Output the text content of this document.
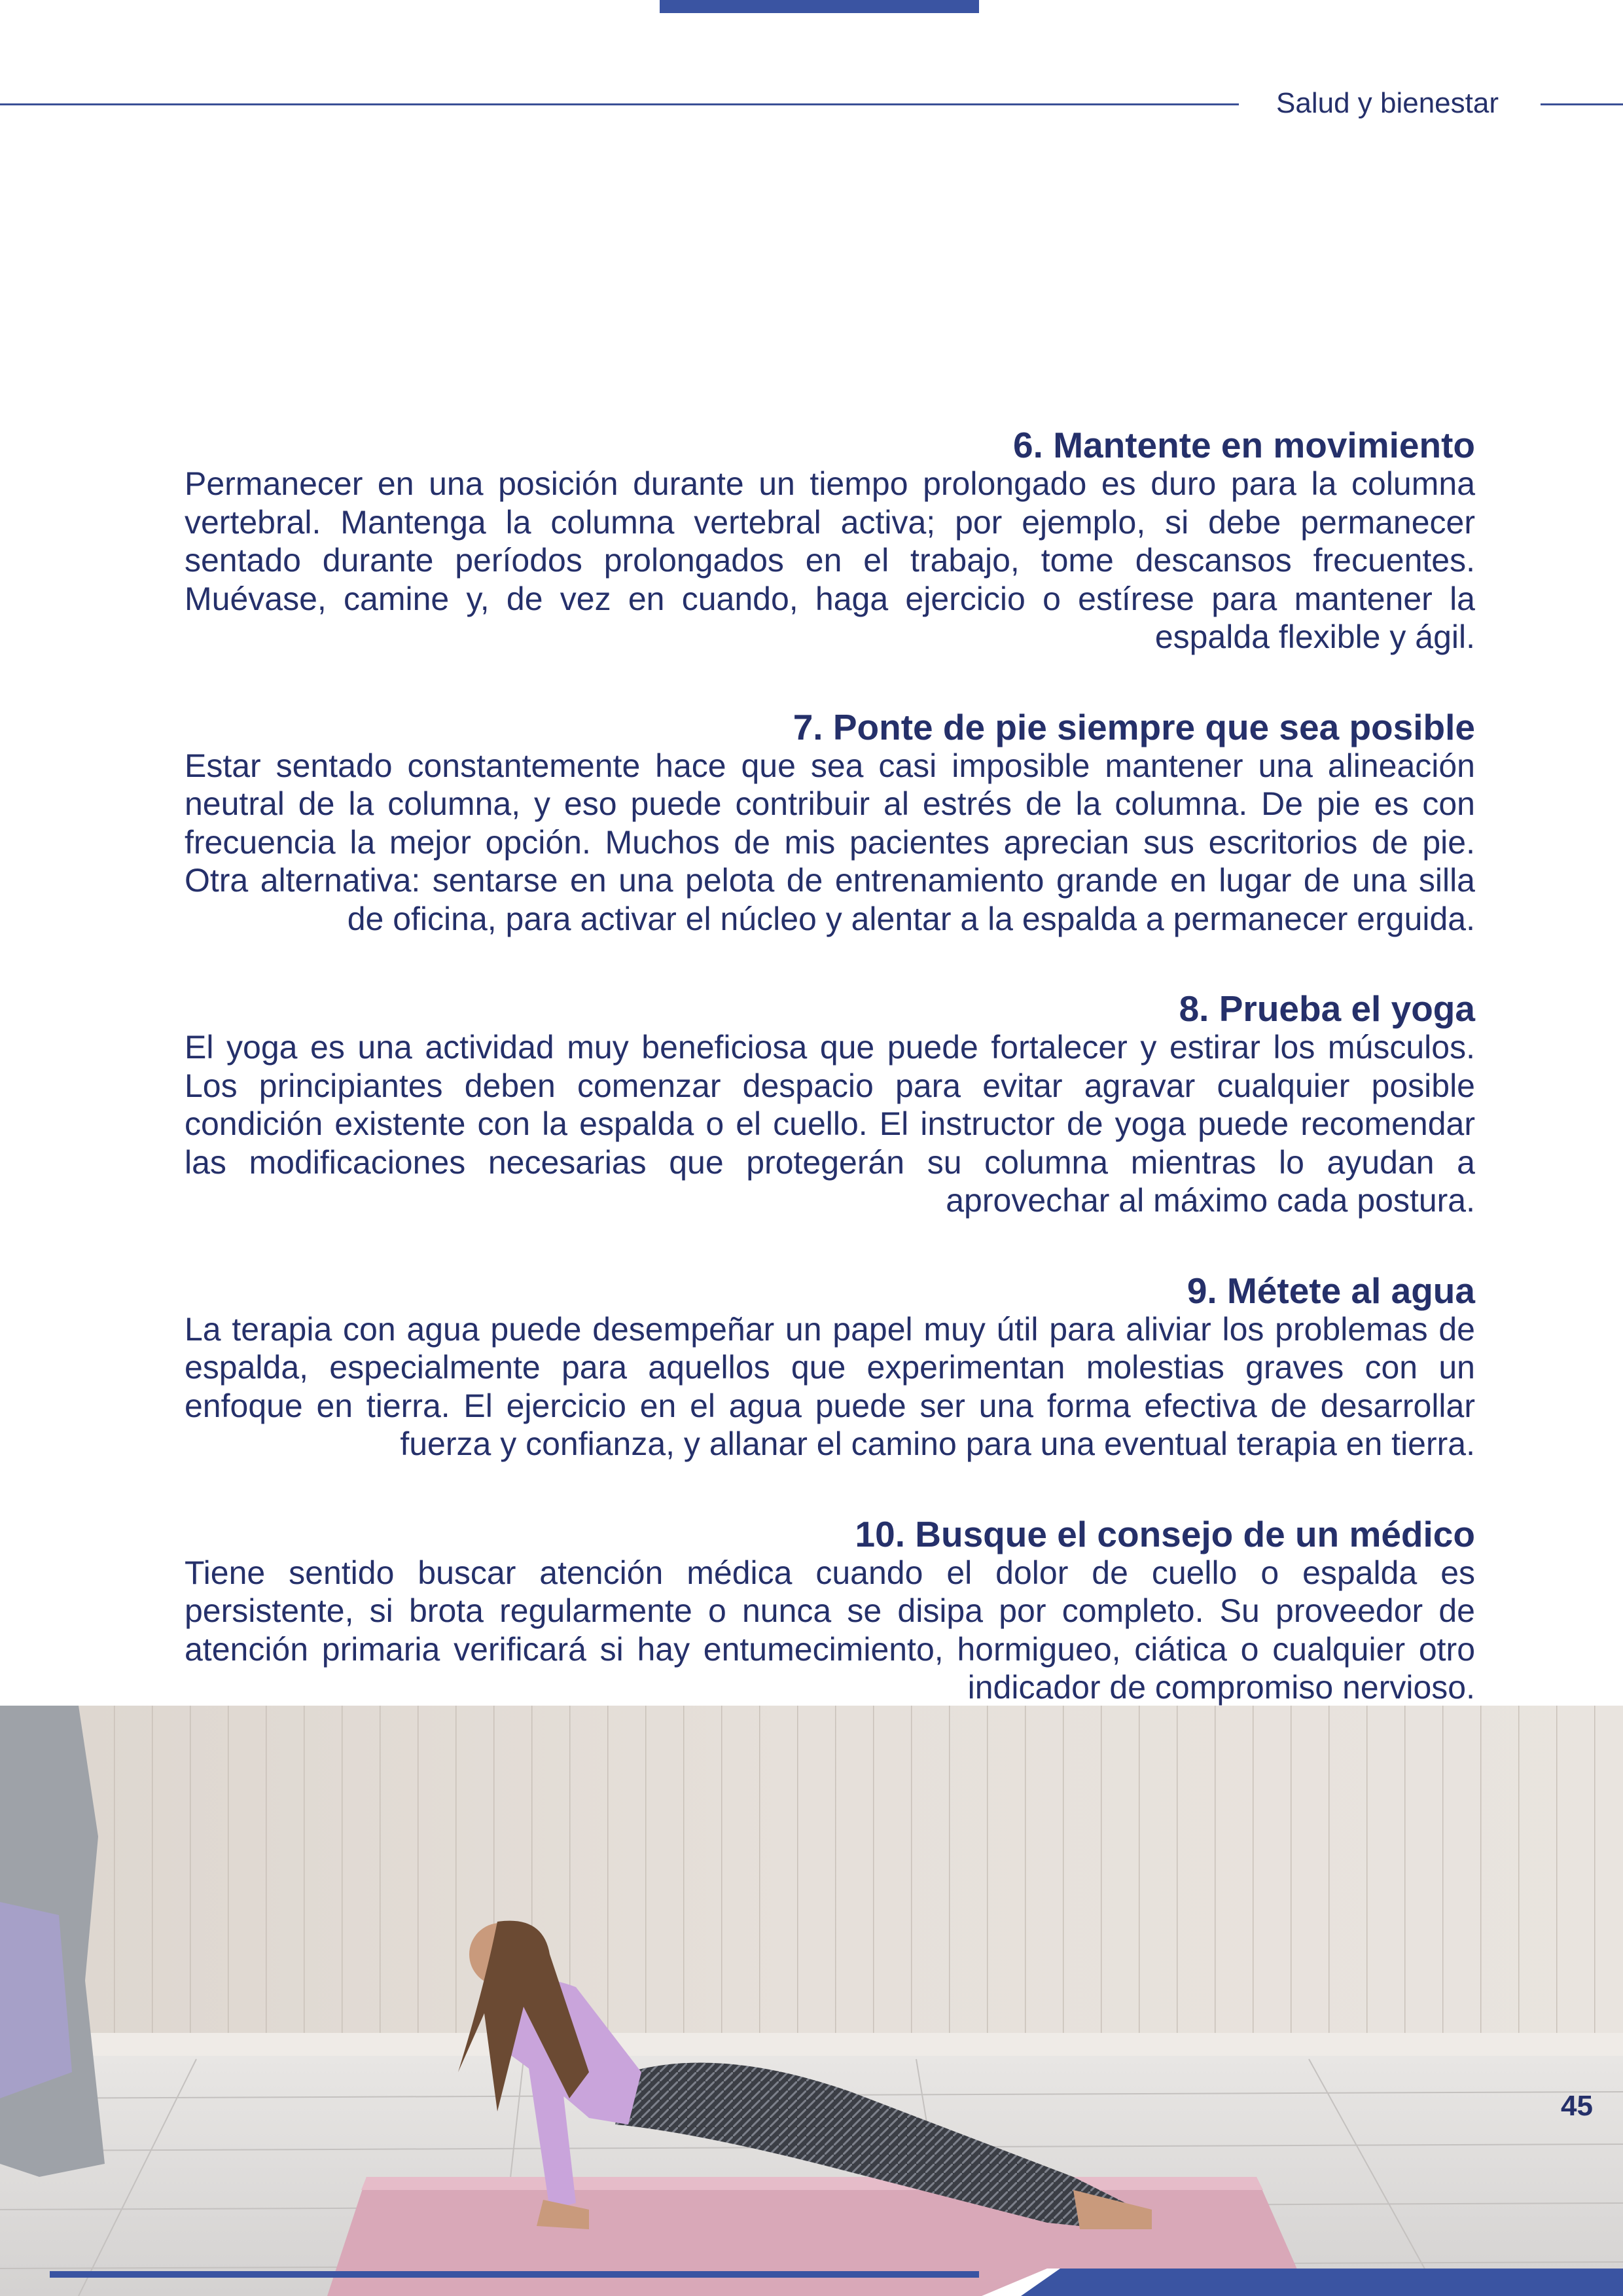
Salud y bienestar
6. Mantente en movimiento

Permanecer en una posición durante un tiempo prolongado es duro para la columna vertebral. Mantenga la columna vertebral activa; por ejemplo, si debe permanecer sentado durante períodos prolongados en el trabajo, tome descansos frecuentes. Muévase, camine y, de vez en cuando, haga ejercicio o estírese para mantener la espalda flexible y ágil.

7. Ponte de pie siempre que sea posible

Estar sentado constantemente hace que sea casi imposible mantener una alineación neutral de la columna, y eso puede contribuir al estrés de la columna. De pie es con frecuencia la mejor opción. Muchos de mis pacientes aprecian sus escritorios de pie. Otra alternativa: sentarse en una pelota de entrenamiento grande en lugar de una silla de oficina, para activar el núcleo y alentar a la espalda a permanecer erguida.

8. Prueba el yoga

El yoga es una actividad muy beneficiosa que puede fortalecer y estirar los músculos. Los principiantes deben comenzar despacio para evitar agravar cualquier posible condición existente con la espalda o el cuello. El instructor de yoga puede recomendar las modificaciones necesarias que protegerán su columna mientras lo ayudan a aprovechar al máximo cada postura.

9. Métete al agua

La terapia con agua puede desempeñar un papel muy útil para aliviar los problemas de espalda, especialmente para aquellos que experimentan molestias graves con un enfoque en tierra. El ejercicio en el agua puede ser una forma efectiva de desarrollar fuerza y confianza, y allanar el camino para una eventual terapia en tierra.

10. Busque el consejo de un médico

Tiene sentido buscar atención médica cuando el dolor de cuello o espalda es persistente, si brota regularmente o nunca se disipa por completo. Su proveedor de atención primaria verificará si hay entumecimiento, hormigueo, ciática o cualquier otro indicador de compromiso nervioso.

45
